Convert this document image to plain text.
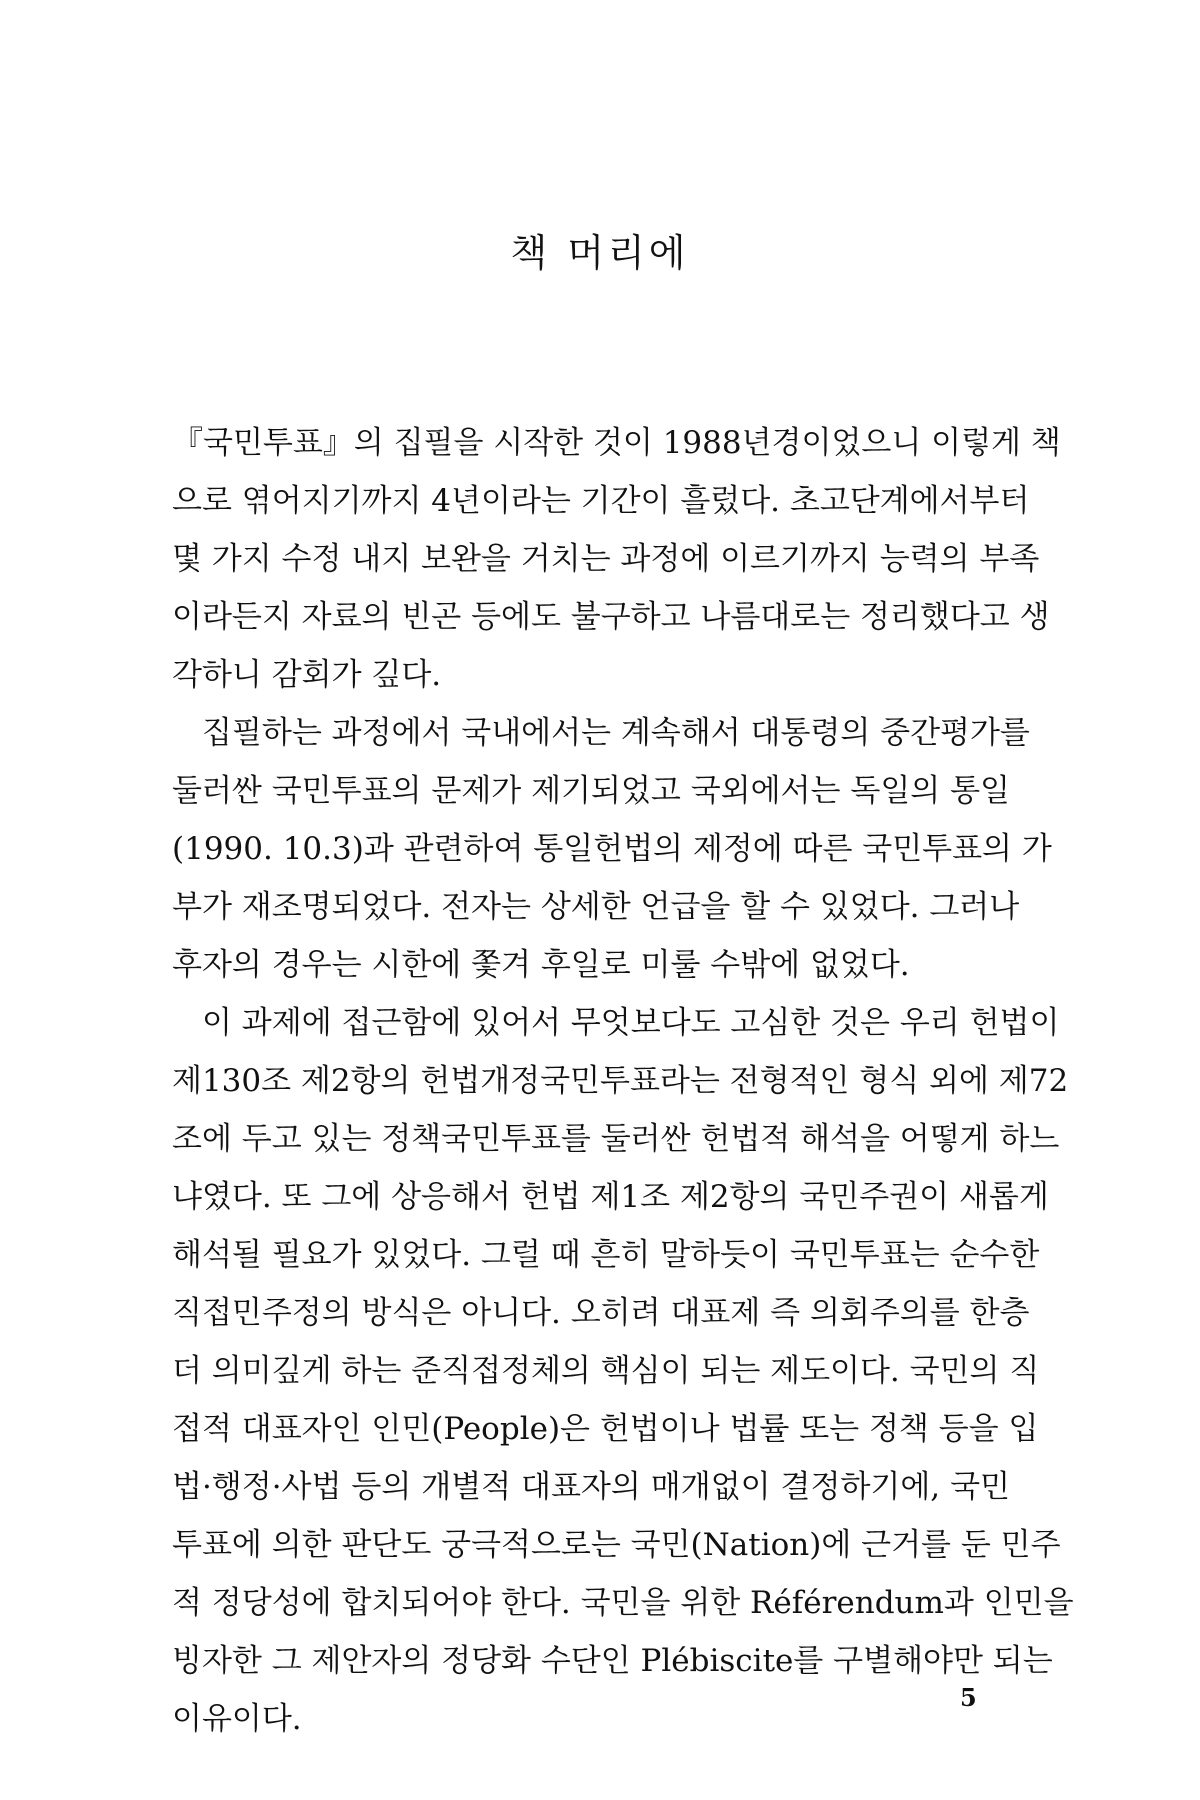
책 머리에
『국민투표』의 집필을 시작한 것이 1988년경이었으니 이렇게 책
으로 엮어지기까지 4년이라는 기간이 흘렀다. 초고단계에서부터
몇 가지 수정 내지 보완을 거치는 과정에 이르기까지 능력의 부족
이라든지 자료의 빈곤 등에도 불구하고 나름대로는 정리했다고 생
각하니 감회가 깊다.
집필하는 과정에서 국내에서는 계속해서 대통령의 중간평가를
둘러싼 국민투표의 문제가 제기되었고 국외에서는 독일의 통일
(1990. 10.3)과 관련하여 통일헌법의 제정에 따른 국민투표의 가
부가 재조명되었다. 전자는 상세한 언급을 할 수 있었다. 그러나
후자의 경우는 시한에 쫓겨 후일로 미룰 수밖에 없었다.
이 과제에 접근함에 있어서 무엇보다도 고심한 것은 우리 헌법이
제130조 제2항의 헌법개정국민투표라는 전형적인 형식 외에 제72
조에 두고 있는 정책국민투표를 둘러싼 헌법적 해석을 어떻게 하느
냐였다. 또 그에 상응해서 헌법 제1조 제2항의 국민주권이 새롭게
해석될 필요가 있었다. 그럴 때 흔히 말하듯이 국민투표는 순수한
직접민주정의 방식은 아니다. 오히려 대표제 즉 의회주의를 한층
더 의미깊게 하는 준직접정체의 핵심이 되는 제도이다. 국민의 직
접적 대표자인 인민(People)은 헌법이나 법률 또는 정책 등을 입
법·행정·사법 등의 개별적 대표자의 매개없이 결정하기에, 국민
투표에 의한 판단도 궁극적으로는 국민(Nation)에 근거를 둔 민주
적 정당성에 합치되어야 한다. 국민을 위한 Référendum과 인민을
빙자한 그 제안자의 정당화 수단인 Plébiscite를 구별해야만 되는
이유이다.
5
